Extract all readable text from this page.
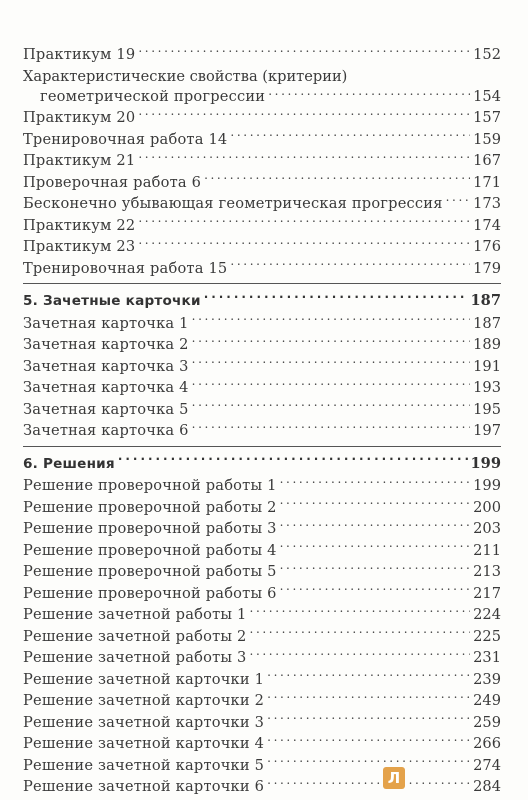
Практикум 19 . . .	152
Характеристические свойства (критерии)
геометрической прогрессии . . .	154
Практикум 20 . . .	157
Тренировочная работа 14 . . .	159
Практикум 21 . . .	167
Проверочная работа 6 . . .	171
Бесконечно убывающая геометрическая прогрессия . . . 173
Практикум 22 . . .	174
Практикум 23 . . .	176
Тренировочная работа 15 . . .	179
5. Зачетные карточки . . .	187
Зачетная карточка 1 . . .	187
Зачетная карточка 2 . . .	189
Зачетная карточка 3 . . .	191
Зачетная карточка 4 . . .	193
Зачетная карточка 5 . . .	195
Зачетная карточка 6 . . .	197
6. Решения . . .	199
Решение проверочной работы 1 . . .	199
Решение проверочной работы 2 . . .	200
Решение проверочной работы 3 . . .	203
Решение проверочной работы 4 . . .	211
Решение проверочной работы 5 . . .	213
Решение проверочной работы 6 . . .	217
Решение зачетной работы 1 . . .	224
Решение зачетной работы 2 . . .	225
Решение зачетной работы 3 . . .	231
Решение зачетной карточки 1 . . .	239
Решение зачетной карточки 2 . . .	249
Решение зачетной карточки 3 . . .	259
Решение зачетной карточки 4 . . .	266
Решение зачетной карточки 5 . . .	274
Решение зачетной карточки 6 . . .	284
Л
